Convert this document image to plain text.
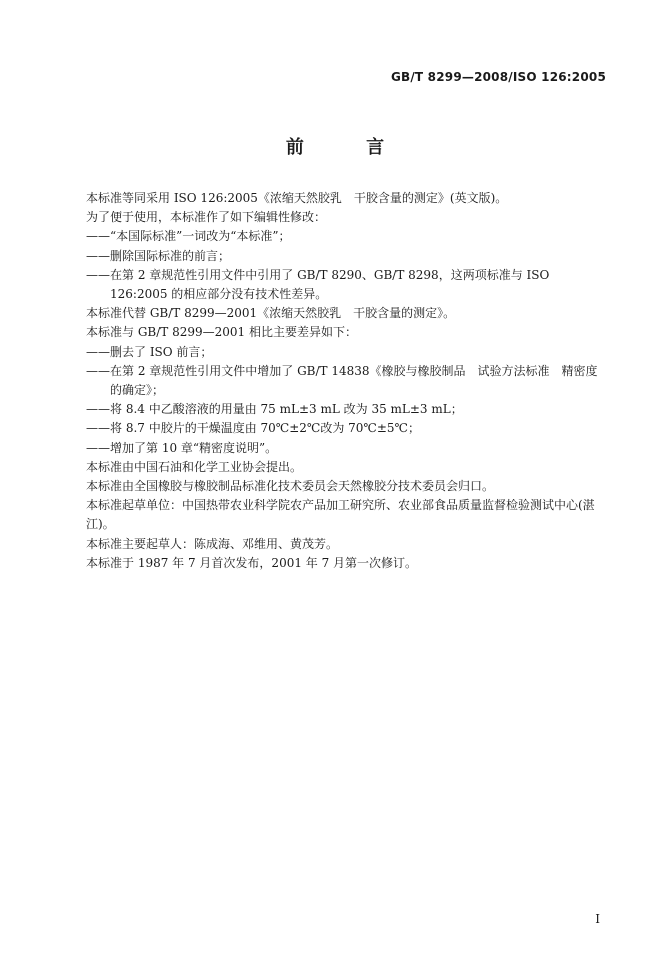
GB/T 8299—2008/ISO 126:2005
前 言
本标准等同采用 ISO 126:2005《浓缩天然胶乳　干胶含量的测定》(英文版)。
为了便于使用，本标准作了如下编辑性修改：
——“本国际标准”一词改为“本标准”；
——删除国际标准的前言；
——在第 2 章规范性引用文件中引用了 GB/T 8290、GB/T 8298，这两项标准与 ISO 126:2005 的相应部分没有技术性差异。
本标准代替 GB/T 8299—2001《浓缩天然胶乳　干胶含量的测定》。
本标准与 GB/T 8299—2001 相比主要差异如下：
——删去了 ISO 前言；
——在第 2 章规范性引用文件中增加了 GB/T 14838《橡胶与橡胶制品　试验方法标准　精密度的确定》；
——将 8.4 中乙酸溶液的用量由 75 mL±3 mL 改为 35 mL±3 mL；
——将 8.7 中胶片的干燥温度由 70℃±2℃改为 70℃±5℃；
——增加了第 10 章“精密度说明”。
本标准由中国石油和化学工业协会提出。
本标准由全国橡胶与橡胶制品标准化技术委员会天然橡胶分技术委员会归口。
本标准起草单位：中国热带农业科学院农产品加工研究所、农业部食品质量监督检验测试中心(湛江)。
本标准主要起草人：陈成海、邓维用、黄茂芳。
本标准于 1987 年 7 月首次发布，2001 年 7 月第一次修订。
I
